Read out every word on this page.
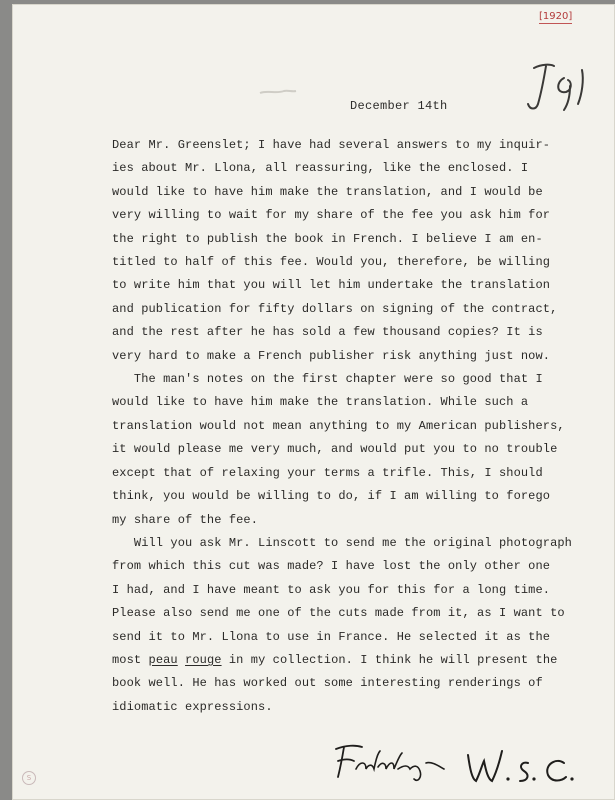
[1920]
December 14th
Dear Mr. Greenslet; I have had several answers to my inquir-
ies about Mr. Llona, all reassuring, like the enclosed. I
would like to have him make the translation, and I would be
very willing to wait for my share of the fee you ask him for
the right to publish the book in French. I believe I am en-
titled to half of this fee. Would you, therefore, be willing
to write him that you will let him undertake the translation
and publication for fifty dollars on signing of the contract,
and the rest after he has sold a few thousand copies? It is
very hard to make a French publisher risk anything just now.
The man's notes on the first chapter were so good that I
would like to have him make the translation. While such a
translation would not mean anything to my American publishers,
it would please me very much, and would put you to no trouble
except that of relaxing your terms a trifle. This, I should
think, you would be willing to do, if I am willing to forego
my share of the fee.
Will you ask Mr. Linscott to send me the original photograph
from which this cut was made? I have lost the only other one
I had, and I have meant to ask you for this for a long time.
Please also send me one of the cuts made from it, as I want to
send it to Mr. Llona to use in France. He selected it as the
most peau rouge in my collection. I think he will present the
book well. He has worked out some interesting renderings of
idiomatic expressions.
S
